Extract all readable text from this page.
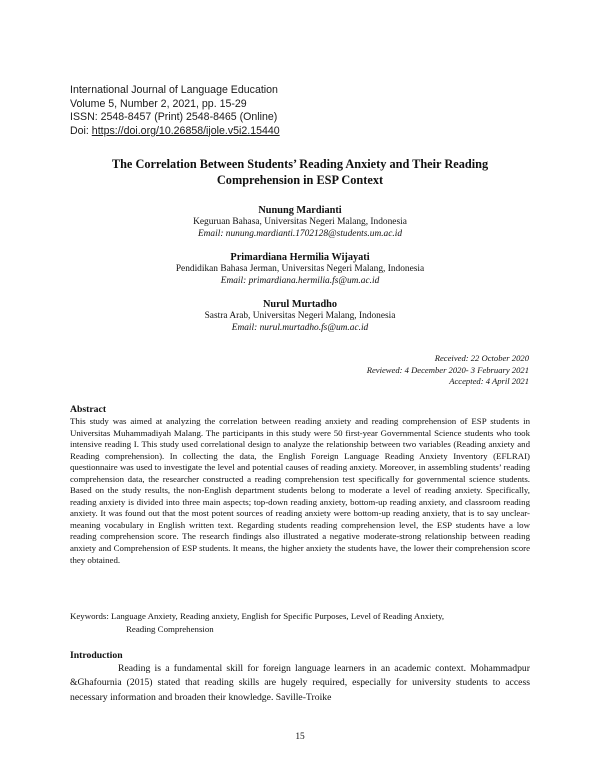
International Journal of Language Education
Volume 5, Number 2, 2021, pp. 15-29
ISSN: 2548-8457 (Print) 2548-8465 (Online)
Doi: https://doi.org/10.26858/ijole.v5i2.15440
The Correlation Between Students’ Reading Anxiety and Their Reading
Comprehension in ESP Context
Nunung Mardianti
Keguruan Bahasa, Universitas Negeri Malang, Indonesia
Email: nunung.mardianti.1702128@students.um.ac.id
Primardiana Hermilia Wijayati
Pendidikan Bahasa Jerman, Universitas Negeri Malang, Indonesia
Email: primardiana.hermilia.fs@um.ac.id
Nurul Murtadho
Sastra Arab, Universitas Negeri Malang, Indonesia
Email: nurul.murtadho.fs@um.ac.id
Received: 22 October 2020
Reviewed: 4 December 2020- 3 February 2021
Accepted: 4 April 2021
Abstract
This study was aimed at analyzing the correlation between reading anxiety and reading comprehension of ESP students in Universitas Muhammadiyah Malang. The participants in this study were 50 first-year Governmental Science students who took intensive reading I. This study used correlational design to analyze the relationship between two variables (Reading anxiety and Reading comprehension). In collecting the data, the English Foreign Language Reading Anxiety Inventory (EFLRAI) questionnaire was used to investigate the level and potential causes of reading anxiety. Moreover, in assembling students’ reading comprehension data, the researcher constructed a reading comprehension test specifically for governmental science students. Based on the study results, the non-English department students belong to moderate a level of reading anxiety. Specifically, reading anxiety is divided into three main aspects; top-down reading anxiety, bottom-up reading anxiety, and classroom reading anxiety. It was found out that the most potent sources of reading anxiety were bottom-up reading anxiety, that is to say unclear-meaning vocabulary in English written text. Regarding students reading comprehension level, the ESP students have a low reading comprehension score. The research findings also illustrated a negative moderate-strong relationship between reading anxiety and Comprehension of ESP students. It means, the higher anxiety the students have, the lower their comprehension score they obtained.
Keywords: Language Anxiety, Reading anxiety, English for Specific Purposes, Level of Reading Anxiety,
Reading Comprehension
Introduction
Reading is a fundamental skill for foreign language learners in an academic context. Mohammadpur &Ghafournia (2015) stated that reading skills are hugely required, especially for university students to access necessary information and broaden their knowledge. Saville-Troike
15
